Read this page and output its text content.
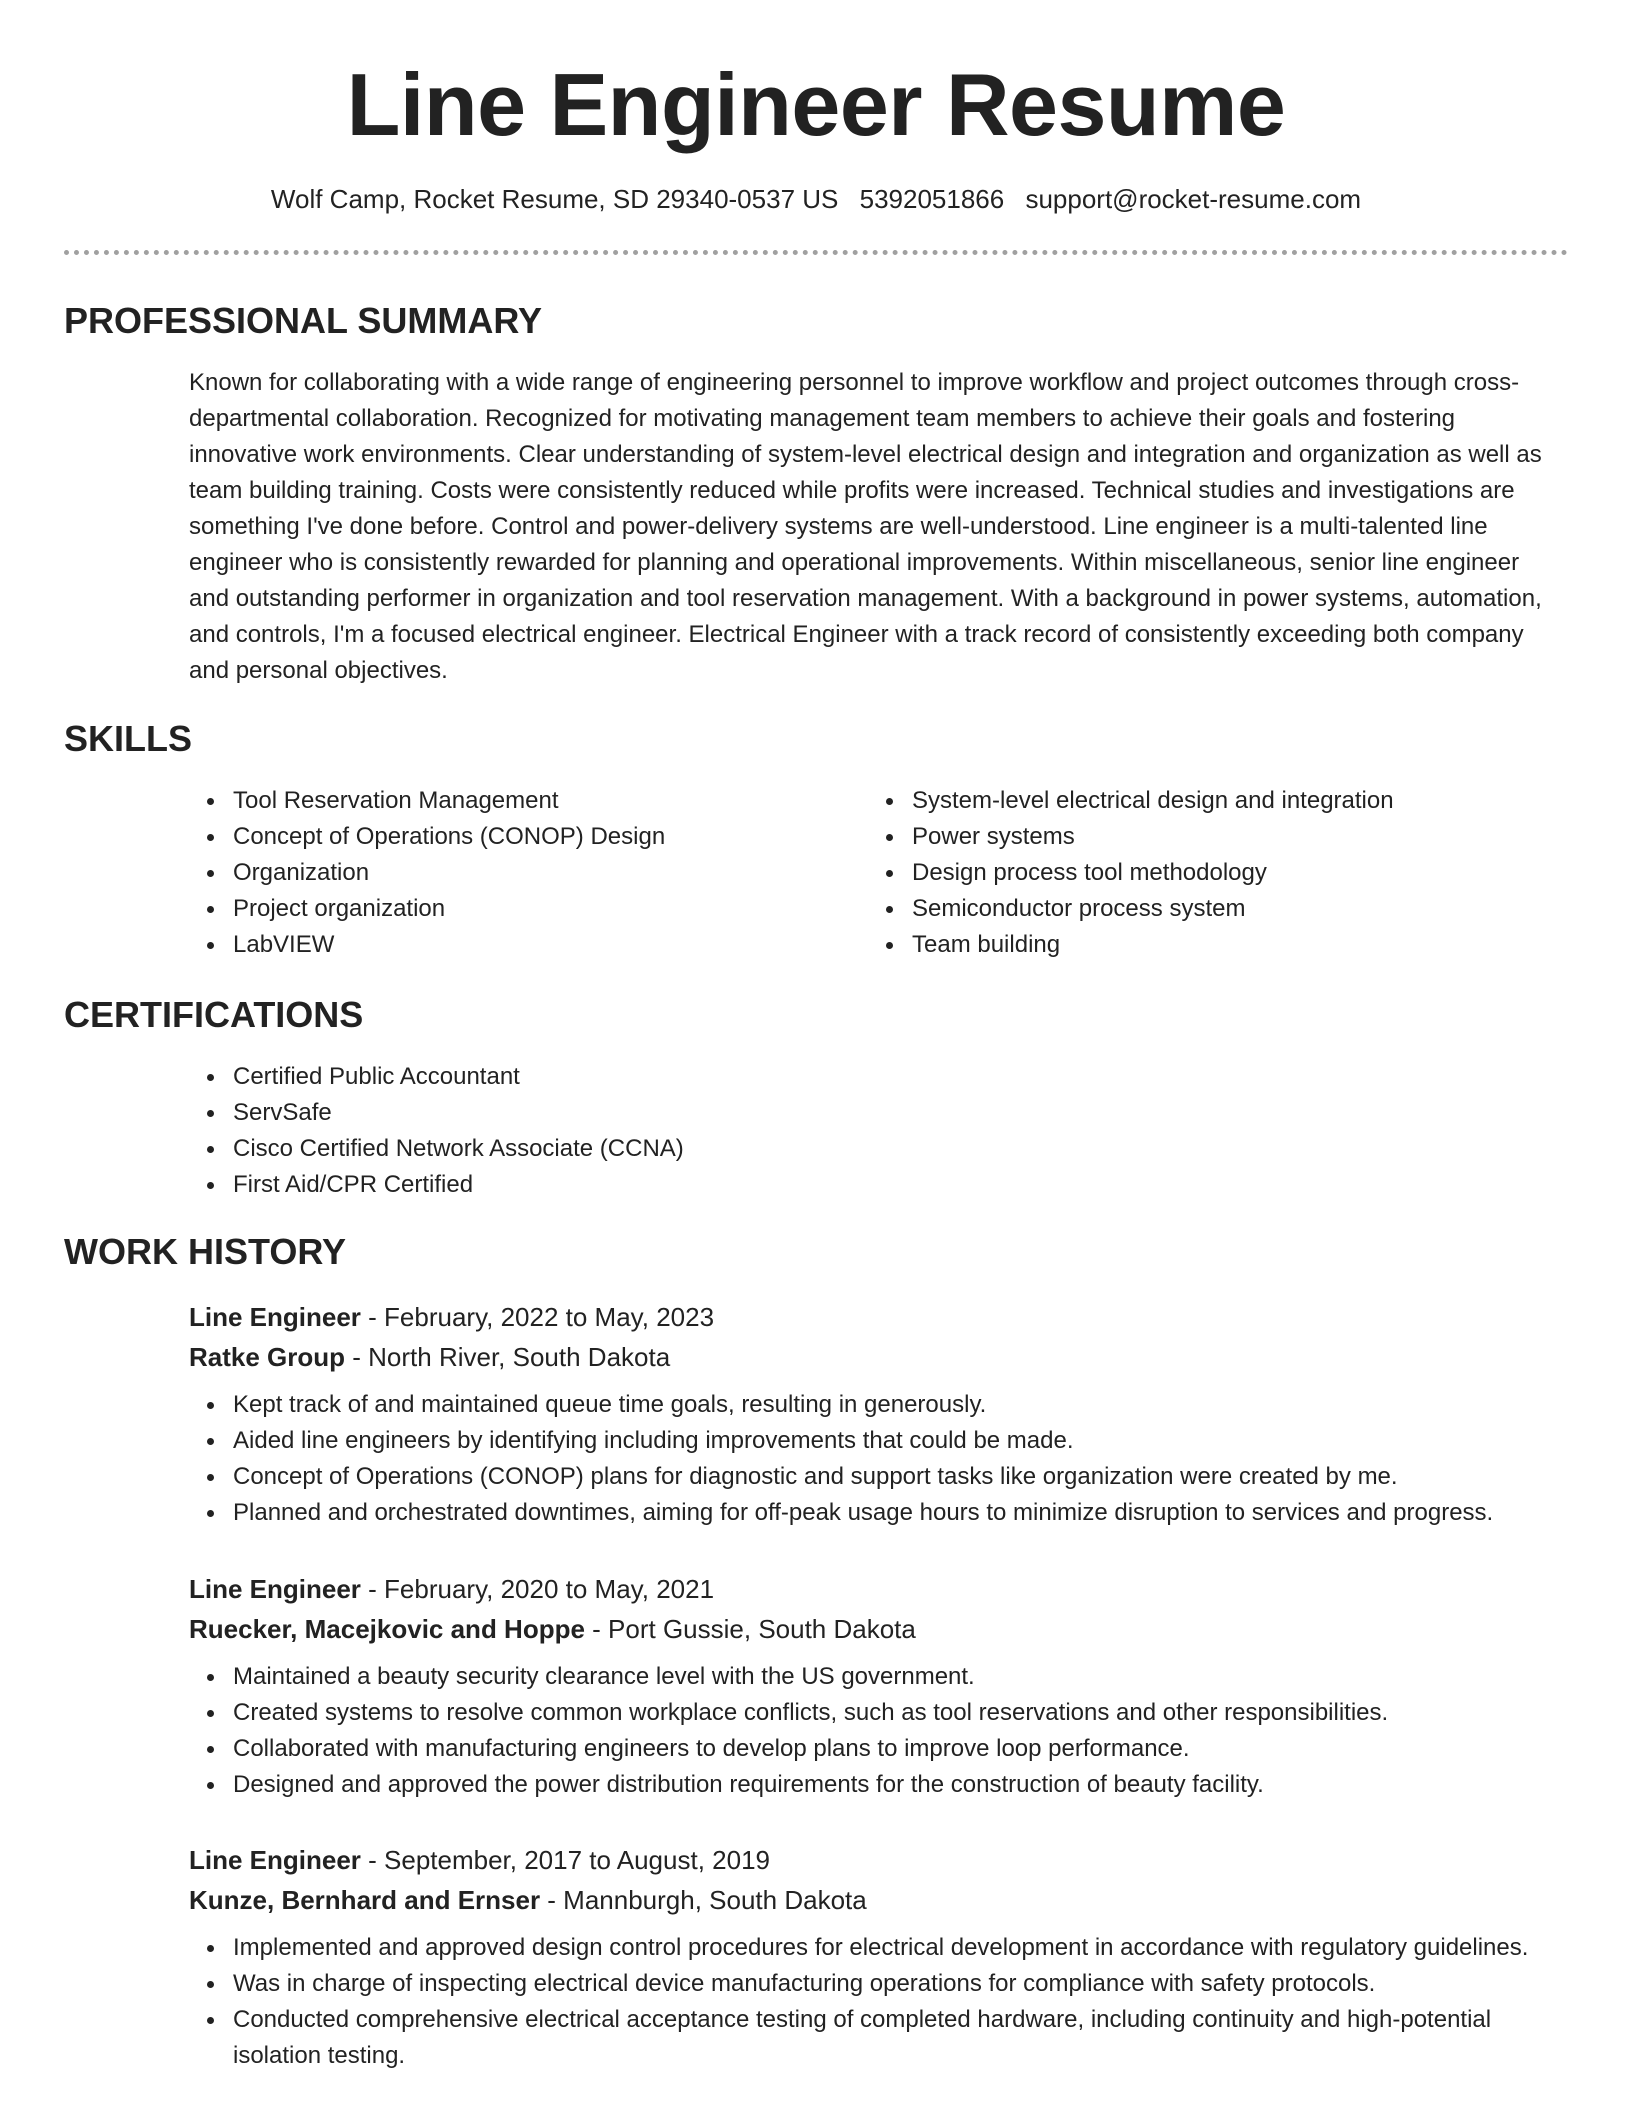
Line Engineer Resume
Wolf Camp, Rocket Resume, SD 29340-0537 US 5392051866 support@rocket-resume.com
PROFESSIONAL SUMMARY

Known for collaborating with a wide range of engineering personnel to improve workflow and project outcomes through cross-departmental collaboration. Recognized for motivating management team members to achieve their goals and fostering innovative work environments. Clear understanding of system-level electrical design and integration and organization as well as team building training. Costs were consistently reduced while profits were increased. Technical studies and investigations are something I've done before. Control and power-delivery systems are well-understood. Line engineer is a multi-talented line engineer who is consistently rewarded for planning and operational improvements. Within miscellaneous, senior line engineer and outstanding performer in organization and tool reservation management. With a background in power systems, automation, and controls, I'm a focused electrical engineer. Electrical Engineer with a track record of consistently exceeding both company and personal objectives.

SKILLS
Tool Reservation Management
Concept of Operations (CONOP) Design
Organization
Project organization
LabVIEW
System-level electrical design and integration
Power systems
Design process tool methodology
Semiconductor process system
Team building
CERTIFICATIONS
Certified Public Accountant
ServSafe
Cisco Certified Network Associate (CCNA)
First Aid/CPR Certified
WORK HISTORY
Line Engineer - February, 2022 to May, 2023
Ratke Group - North River, South Dakota
Kept track of and maintained queue time goals, resulting in generously.
Aided line engineers by identifying including improvements that could be made.
Concept of Operations (CONOP) plans for diagnostic and support tasks like organization were created by me.
Planned and orchestrated downtimes, aiming for off-peak usage hours to minimize disruption to services and progress.
Line Engineer - February, 2020 to May, 2021
Ruecker, Macejkovic and Hoppe - Port Gussie, South Dakota
Maintained a beauty security clearance level with the US government.
Created systems to resolve common workplace conflicts, such as tool reservations and other responsibilities.
Collaborated with manufacturing engineers to develop plans to improve loop performance.
Designed and approved the power distribution requirements for the construction of beauty facility.
Line Engineer - September, 2017 to August, 2019
Kunze, Bernhard and Ernser - Mannburgh, South Dakota
Implemented and approved design control procedures for electrical development in accordance with regulatory guidelines.
Was in charge of inspecting electrical device manufacturing operations for compliance with safety protocols.
Conducted comprehensive electrical acceptance testing of completed hardware, including continuity and high-potential isolation testing.
